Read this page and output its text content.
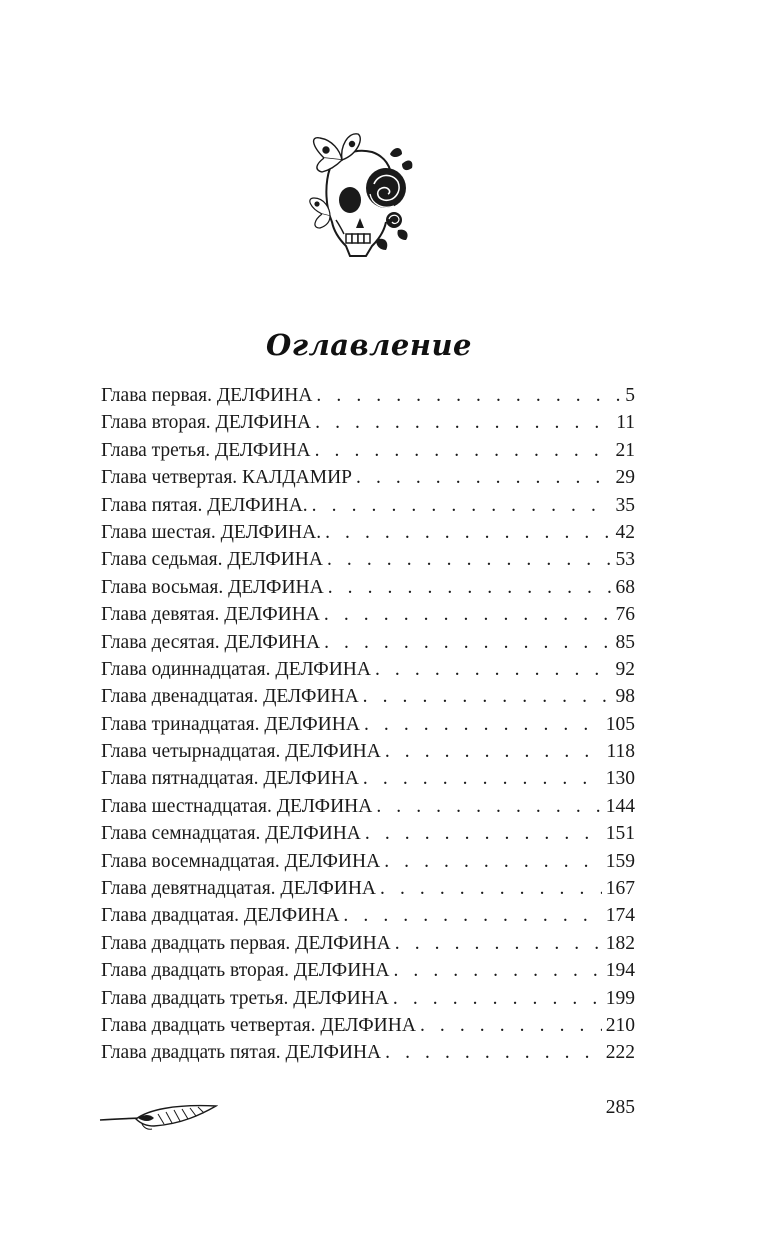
Оглавление
Глава первая. ДЕЛФИНА . . .	5
Глава вторая. ДЕЛФИНА . . .	11
Глава третья. ДЕЛФИНА . . .	21
Глава четвертая. КАЛДАМИР . . .	29
Глава пятая. ДЕЛФИНА. . . .	35
Глава шестая. ДЕЛФИНА. . . .	42
Глава седьмая. ДЕЛФИНА . . .	53
Глава восьмая. ДЕЛФИНА . . .	68
Глава девятая. ДЕЛФИНА . . .	76
Глава десятая. ДЕЛФИНА . . .	85
Глава одиннадцатая. ДЕЛФИНА . . .	92
Глава двенадцатая. ДЕЛФИНА . . .	98
Глава тринадцатая. ДЕЛФИНА . . .	105
Глава четырнадцатая. ДЕЛФИНА . . .	118
Глава пятнадцатая. ДЕЛФИНА . . .	130
Глава шестнадцатая. ДЕЛФИНА . . .	144
Глава семнадцатая. ДЕЛФИНА . . .	151
Глава восемнадцатая. ДЕЛФИНА . . .	159
Глава девятнадцатая. ДЕЛФИНА . . .	167
Глава двадцатая. ДЕЛФИНА . . .	174
Глава двадцать первая. ДЕЛФИНА . . .	182
Глава двадцать вторая. ДЕЛФИНА . . .	194
Глава двадцать третья. ДЕЛФИНА . . .	199
Глава двадцать четвертая. ДЕЛФИНА . . .	210
Глава двадцать пятая. ДЕЛФИНА . . .	222
285
